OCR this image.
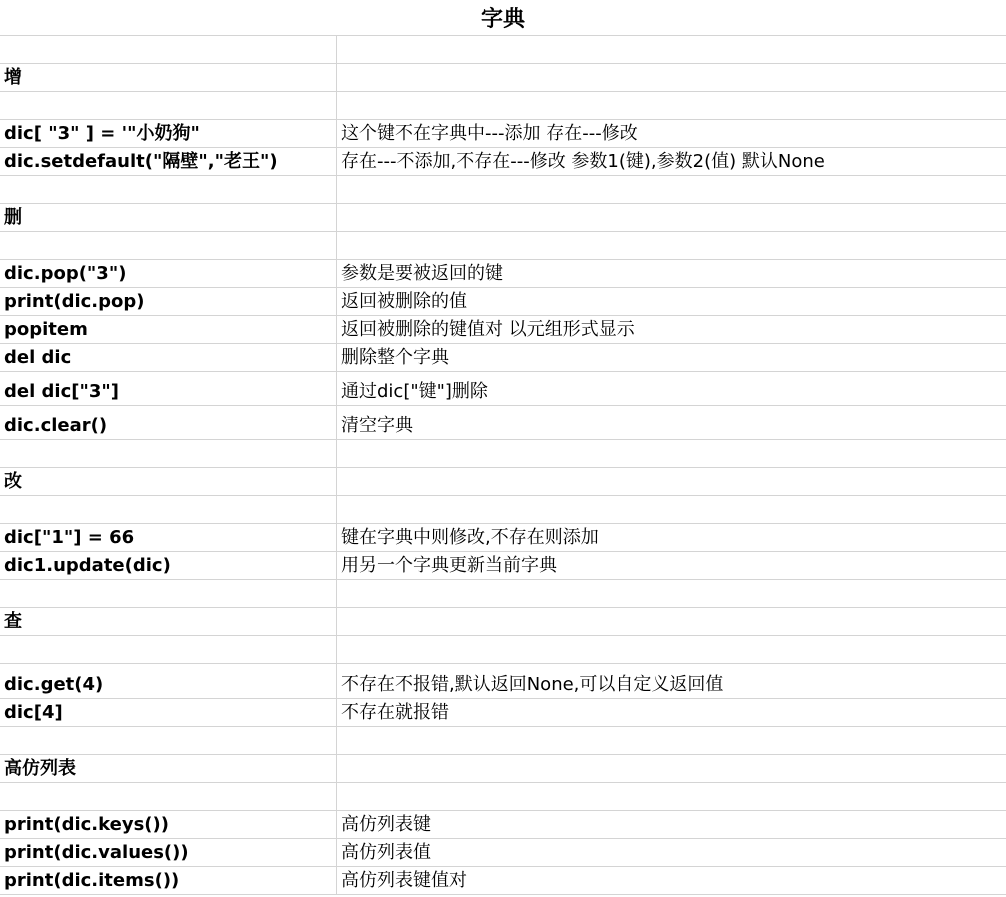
字典
增
dic[ "3" ] = '"小奶狗"	这个键不在字典中---添加 存在---修改
dic.setdefault("隔壁","老王")	存在---不添加,不存在---修改 参数1(键),参数2(值) 默认None
删
dic.pop("3")	参数是要被返回的键
print(dic.pop)	返回被删除的值
popitem	返回被删除的键值对 以元组形式显示
del dic	删除整个字典
del dic["3"]	通过dic["键"]删除
dic.clear()	清空字典
改
dic["1"] = 66	键在字典中则修改,不存在则添加
dic1.update(dic)	用另一个字典更新当前字典
查
dic.get(4)	不存在不报错,默认返回None,可以自定义返回值
dic[4]	不存在就报错
高仿列表
print(dic.keys())	高仿列表键
print(dic.values())	高仿列表值
print(dic.items())	高仿列表键值对
